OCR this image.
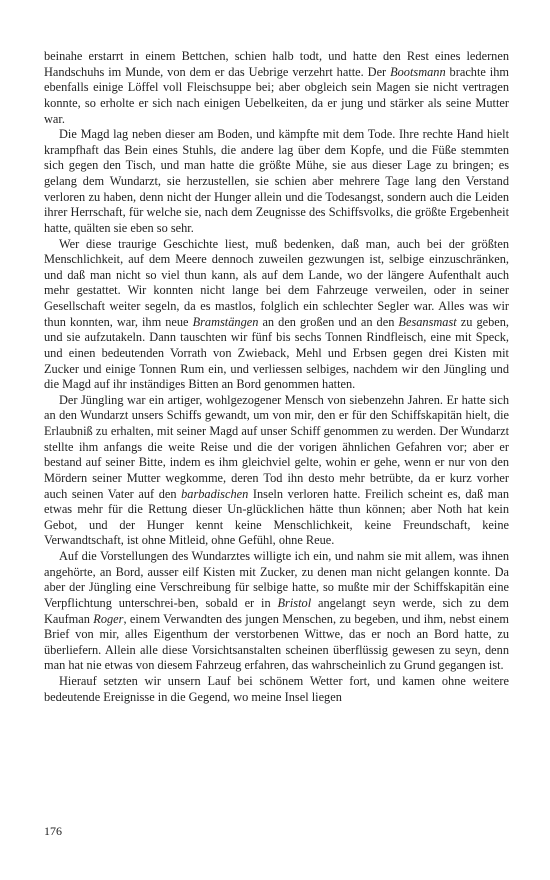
beinahe erstarrt in einem Bettchen, schien halb todt, und hatte den Rest eines ledernen Handschuhs im Munde, von dem er das Uebrige verzehrt hatte. Der Bootsmann brachte ihm ebenfalls einige Löffel voll Fleischsuppe bei; aber obgleich sein Magen sie nicht vertragen konnte, so erholte er sich nach einigen Uebelkeiten, da er jung und stärker als seine Mutter war.

Die Magd lag neben dieser am Boden, und kämpfte mit dem Tode. Ihre rechte Hand hielt krampfhaft das Bein eines Stuhls, die andere lag über dem Kopfe, und die Füße stemmten sich gegen den Tisch, und man hatte die größte Mühe, sie aus dieser Lage zu bringen; es gelang dem Wundarzt, sie herzustellen, sie schien aber mehrere Tage lang den Verstand verloren zu haben, denn nicht der Hunger allein und die Todesangst, sondern auch die Leiden ihrer Herrschaft, für welche sie, nach dem Zeugnisse des Schiffsvolks, die größte Ergebenheit hatte, quälten sie eben so sehr.

Wer diese traurige Geschichte liest, muß bedenken, daß man, auch bei der größten Menschlichkeit, auf dem Meere dennoch zuweilen gezwungen ist, selbige einzuschränken, und daß man nicht so viel thun kann, als auf dem Lande, wo der längere Aufenthalt auch mehr gestattet. Wir konnten nicht lange bei dem Fahrzeuge verweilen, oder in seiner Gesellschaft weiter segeln, da es mastlos, folglich ein schlechter Segler war. Alles was wir thun konnten, war, ihm neue Bramstängen an den großen und an den Besansmast zu geben, und sie aufzutakeln. Dann tauschten wir fünf bis sechs Tonnen Rindfleisch, eine mit Speck, und einen bedeutenden Vorrath von Zwieback, Mehl und Erbsen gegen drei Kisten mit Zucker und einige Tonnen Rum ein, und verliessen selbiges, nachdem wir den Jüngling und die Magd auf ihr inständiges Bitten an Bord genommen hatten.

Der Jüngling war ein artiger, wohlgezogener Mensch von siebenzehn Jahren. Er hatte sich an den Wundarzt unsers Schiffs gewandt, um von mir, den er für den Schiffskapitän hielt, die Erlaubniß zu erhalten, mit seiner Magd auf unser Schiff genommen zu werden. Der Wundarzt stellte ihm anfangs die weite Reise und die der vorigen ähnlichen Gefahren vor; aber er bestand auf seiner Bitte, indem es ihm gleichviel gelte, wohin er gehe, wenn er nur von den Mördern seiner Mutter wegkomme, deren Tod ihn desto mehr betrübte, da er kurz vorher auch seinen Vater auf den barbadischen Inseln verloren hatte. Freilich scheint es, daß man etwas mehr für die Rettung dieser Un-glücklichen hätte thun können; aber Noth hat kein Gebot, und der Hunger kennt keine Menschlichkeit, keine Freundschaft, keine Verwandtschaft, ist ohne Mitleid, ohne Gefühl, ohne Reue.

Auf die Vorstellungen des Wundarztes willigte ich ein, und nahm sie mit allem, was ihnen angehörte, an Bord, ausser eilf Kisten mit Zucker, zu denen man nicht gelangen konnte. Da aber der Jüngling eine Verschreibung für selbige hatte, so mußte mir der Schiffskapitän eine Verpflichtung unterschrei-ben, sobald er in Bristol angelangt seyn werde, sich zu dem Kaufman Roger, einem Verwandten des jungen Menschen, zu begeben, und ihm, nebst einem Brief von mir, alles Eigenthum der verstorbenen Wittwe, das er noch an Bord hatte, zu überliefern. Allein alle diese Vorsichtsanstalten scheinen überflüssig gewesen zu seyn, denn man hat nie etwas von diesem Fahrzeug erfahren, das wahrscheinlich zu Grund gegangen ist.

Hierauf setzten wir unsern Lauf bei schönem Wetter fort, und kamen ohne weitere bedeutende Ereignisse in die Gegend, wo meine Insel liegen

176
